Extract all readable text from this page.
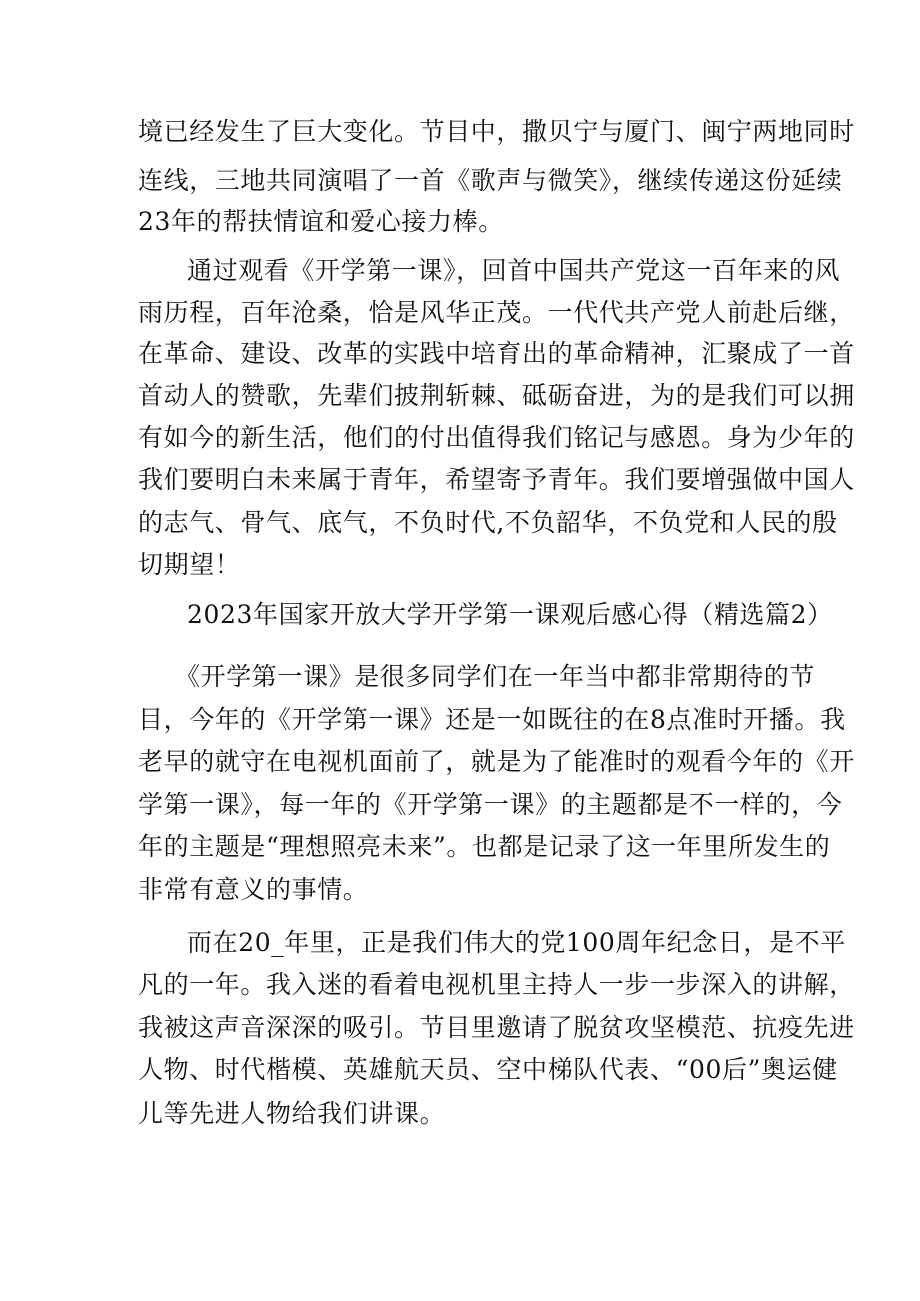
境已经发生了巨大变化。节目中，撒贝宁与厦门、闽宁两地同时
连线，三地共同演唱了一首《歌声与微笑》，继续传递这份延续
23年的帮扶情谊和爱心接力棒。
通过观看《开学第一课》，回首中国共产党这一百年来的风
雨历程，百年沧桑，恰是风华正茂。一代代共产党人前赴后继，
在革命、建设、改革的实践中培育出的革命精神，汇聚成了一首
首动人的赞歌，先辈们披荆斩棘、砥砺奋进，为的是我们可以拥
有如今的新生活，他们的付出值得我们铭记与感恩。身为少年的
我们要明白未来属于青年，希望寄予青年。我们要增强做中国人
的志气、骨气、底气，不负时代,不负韶华，不负党和人民的殷
切期望！
2023年国家开放大学开学第一课观后感心得（精选篇2）
《开学第一课》是很多同学们在一年当中都非常期待的节
目，今年的《开学第一课》还是一如既往的在8点准时开播。我
老早的就守在电视机面前了，就是为了能准时的观看今年的《开
学第一课》，每一年的《开学第一课》的主题都是不一样的，今
年的主题是“理想照亮未来”。也都是记录了这一年里所发生的
非常有意义的事情。
而在20_年里，正是我们伟大的党100周年纪念日，是不平
凡的一年。我入迷的看着电视机里主持人一步一步深入的讲解，
我被这声音深深的吸引。节目里邀请了脱贫攻坚模范、抗疫先进
人物、时代楷模、英雄航天员、空中梯队代表、“00后”奥运健
儿等先进人物给我们讲课。
